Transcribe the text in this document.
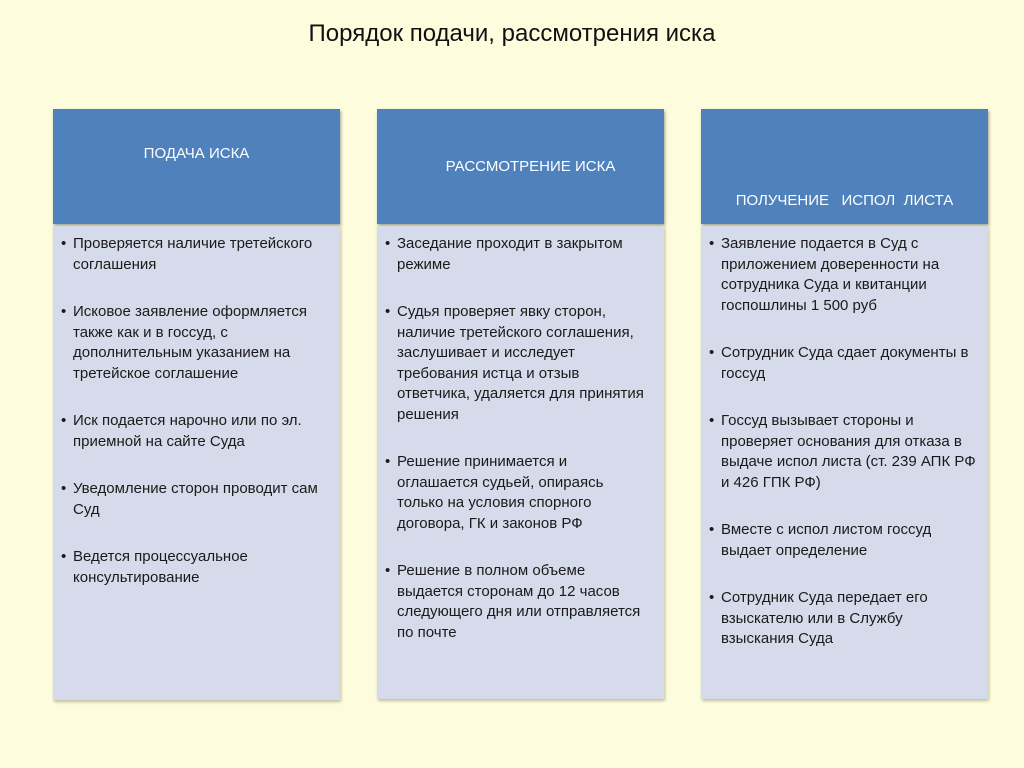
Порядок подачи, рассмотрения иска
ПОДАЧА ИСКА
• Проверяется наличие третейского соглашения
• Исковое заявление оформляется также как и в госсуд, с дополнительным указанием на третейское соглашение
• Иск подается нарочно или по эл. приемной на сайте Суда
• Уведомление сторон проводит сам Суд
• Ведется процессуальное консультирование
РАССМОТРЕНИЕ ИСКА
• Заседание проходит в закрытом режиме
• Судья проверяет явку сторон, наличие третейского соглашения, заслушивает и исследует требования истца и отзыв ответчика, удаляется для принятия решения
• Решение принимается и оглашается судьей, опираясь только на условия спорного договора, ГК и законов РФ
• Решение в полном объеме выдается сторонам до 12 часов следующего дня или отправляется по почте

ПОЛУЧЕНИЕ   ИСПОЛ  ЛИСТА

• Заявление подается в Суд с приложением доверенности на сотрудника Суда и квитанции госпошлины 1 500 руб
• Сотрудник Суда сдает документы в госсуд
• Госсуд вызывает стороны и проверяет основания для отказа в выдаче испол листа (ст. 239 АПК РФ и 426 ГПК РФ)
• Вместе с испол листом госсуд выдает определение
• Сотрудник Суда передает его взыскателю или в Службу взыскания Суда
